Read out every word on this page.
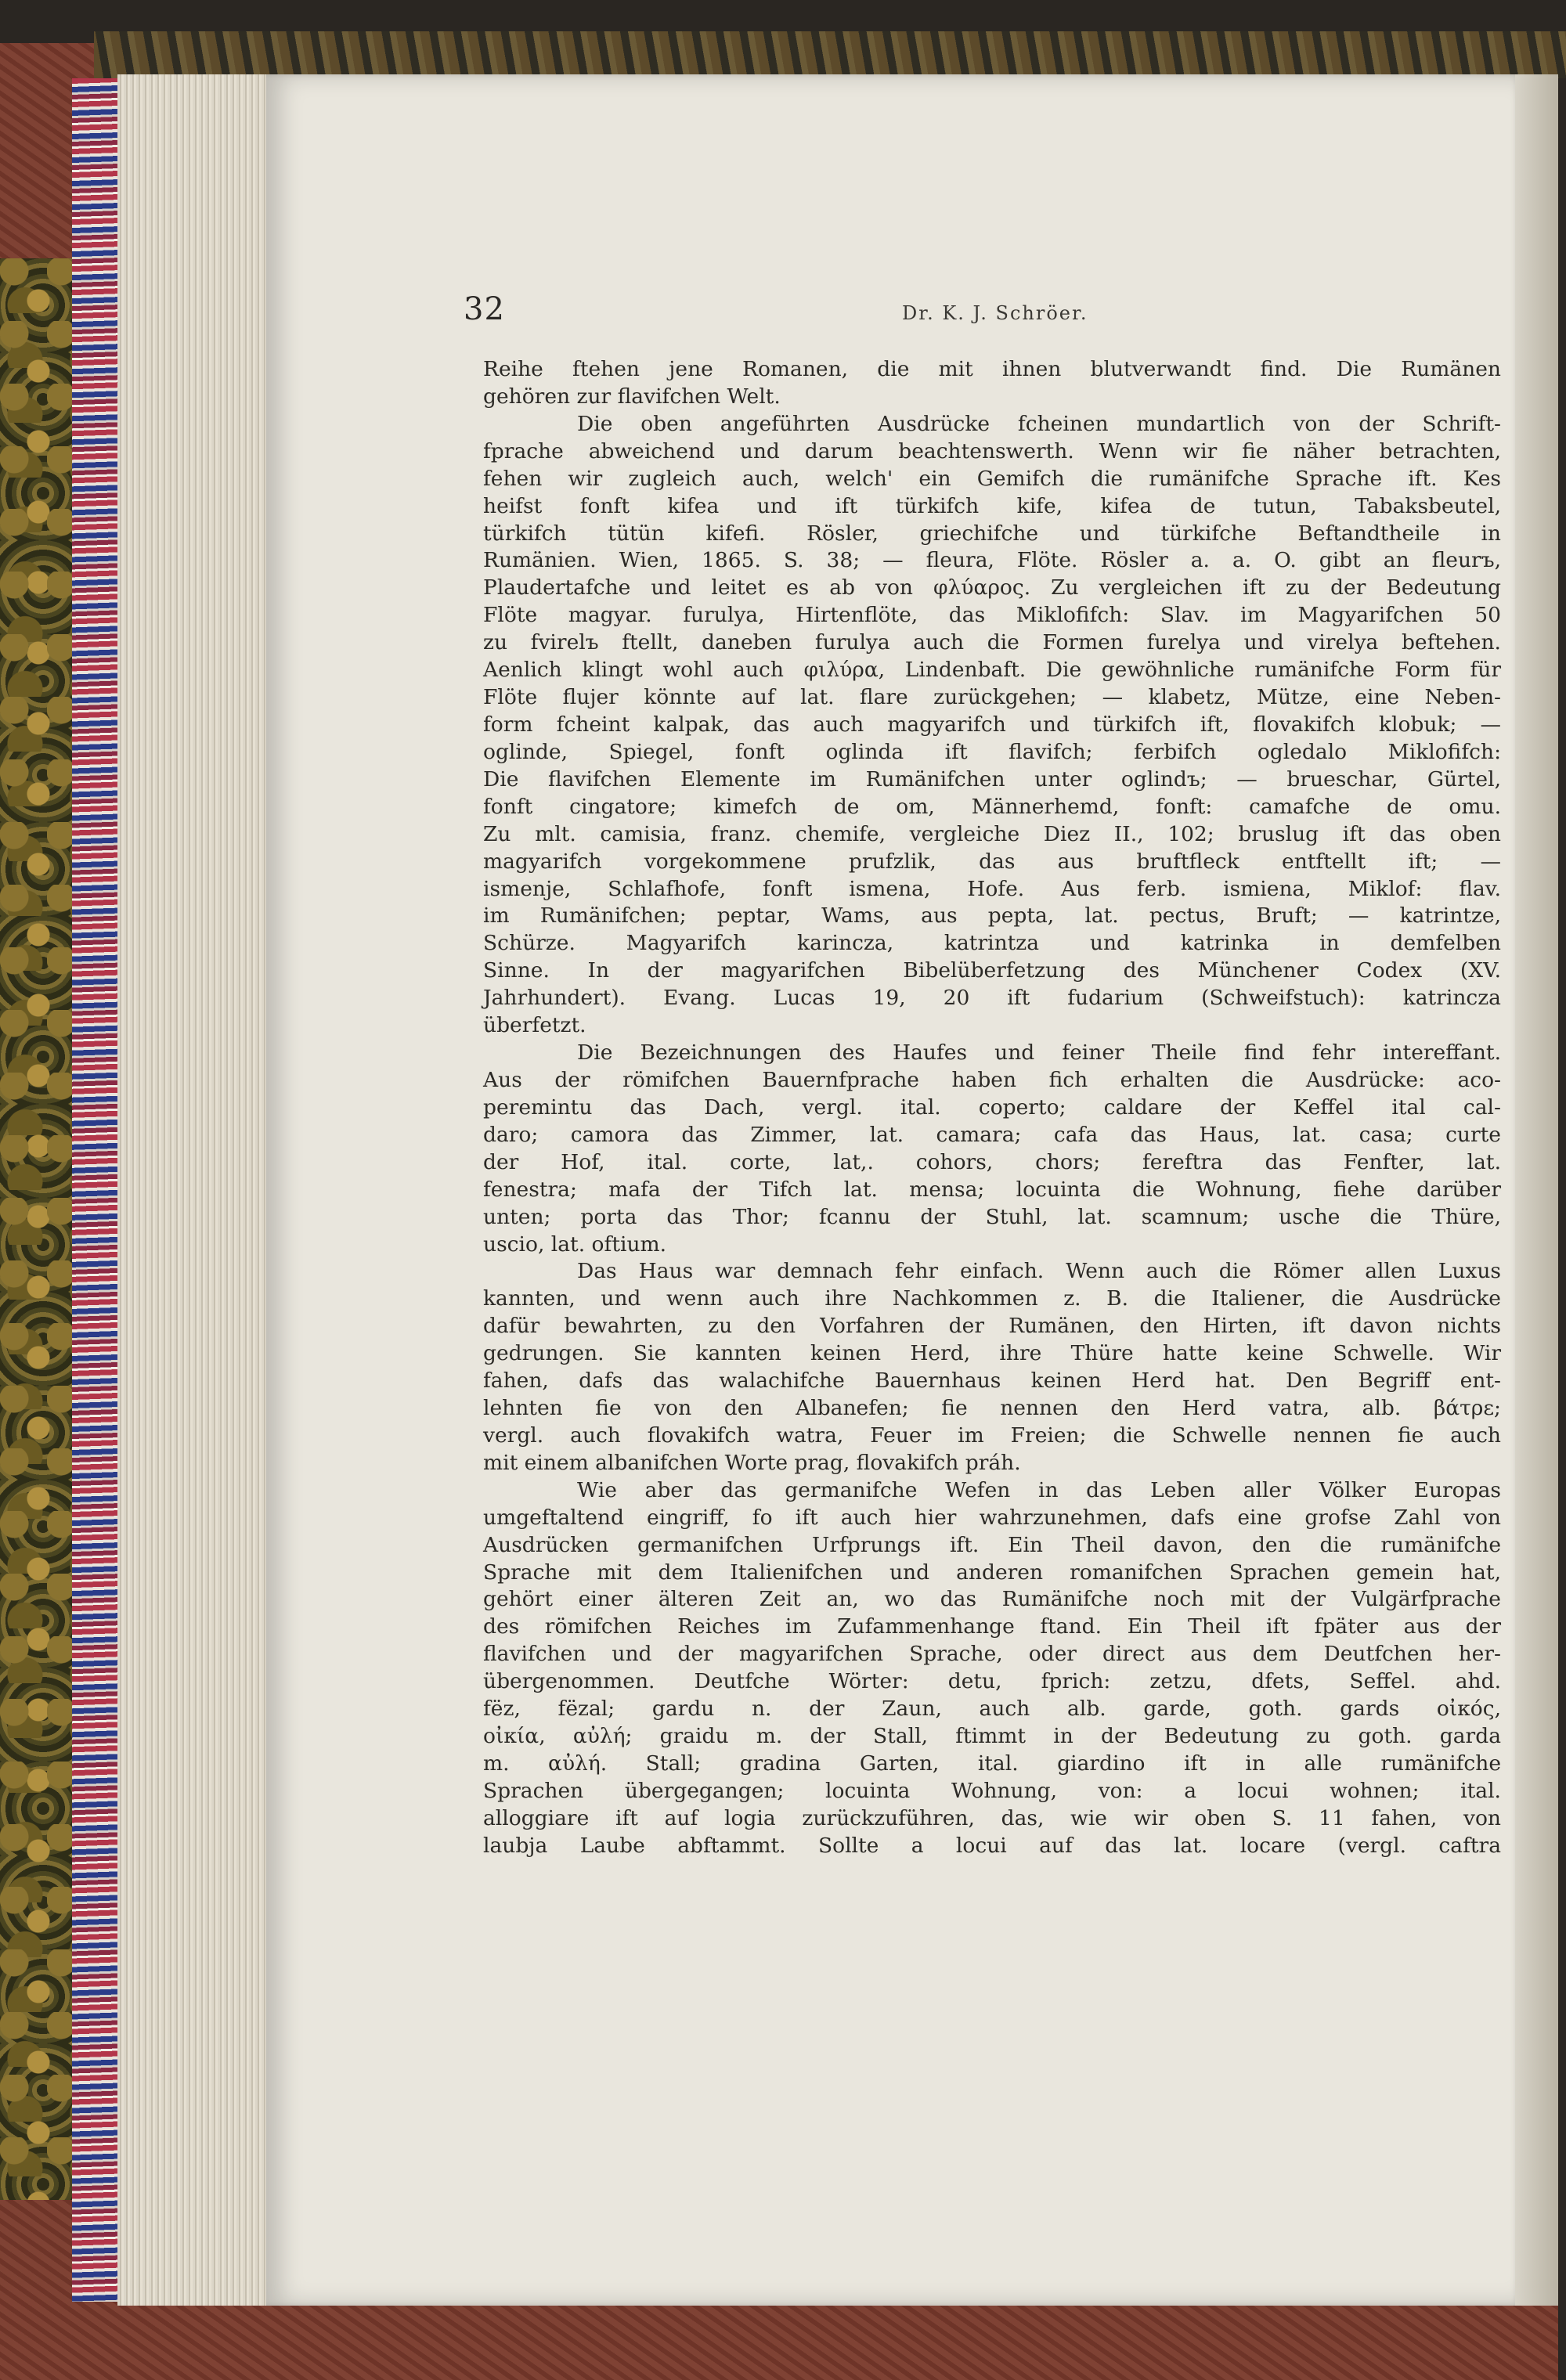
32	Dr. K. J. Schröer.
Reihe ftehen jene Romanen, die mit ihnen blutverwandt find. Die Rumänen
gehören zur flavifchen Welt.
Die oben angeführten Ausdrücke fcheinen mundartlich von der Schrift-
fprache abweichend und darum beachtenswerth. Wenn wir fie näher betrachten,
fehen wir zugleich auch, welch' ein Gemifch die rumänifche Sprache ift. Kes
heifst fonft kifea und ift türkifch kife, kifea de tutun, Tabaksbeutel,
türkifch tütün kifefi. Rösler, griechifche und türkifche Beftandtheile in
Rumänien. Wien, 1865. S. 38; — fleura, Flöte. Rösler a. a. O. gibt an fleurъ,
Plaudertafche und leitet es ab von φλύαρος. Zu vergleichen ift zu der Bedeutung
Flöte magyar. furulya, Hirtenflöte, das Miklofifch: Slav. im Magyarifchen 50
zu fvirelъ ftellt, daneben furulya auch die Formen furelya und virelya beftehen.
Aenlich klingt wohl auch φιλύρα, Lindenbaft. Die gewöhnliche rumänifche Form für
Flöte flujer könnte auf lat. flare zurückgehen; — klabetz, Mütze, eine Neben-
form fcheint kalpak, das auch magyarifch und türkifch ift, flovakifch klobuk; —
oglinde, Spiegel, fonft oglinda ift flavifch; ferbifch ogledalo Miklofifch:
Die flavifchen Elemente im Rumänifchen unter oglindъ; — brueschar, Gürtel,
fonft cingatore; kimefch de om, Männerhemd, fonft: camafche de omu.
Zu mlt. camisia, franz. chemife, vergleiche Diez II., 102; bruslug ift das oben
magyarifch vorgekommene prufzlik, das aus bruftfleck entftellt ift; —
ismenje, Schlafhofe, fonft ismena, Hofe. Aus ferb. ismiena, Miklof: flav.
im Rumänifchen; peptar, Wams, aus pepta, lat. pectus, Bruft; — katrintze,
Schürze. Magyarifch karincza, katrintza und katrinka in demfelben
Sinne. In der magyarifchen Bibelüberfetzung des Münchener Codex (XV.
Jahrhundert). Evang. Lucas 19, 20 ift fudarium (Schweifstuch): katrincza
überfetzt.
Die Bezeichnungen des Haufes und feiner Theile find fehr intereffant.
Aus der römifchen Bauernfprache haben fich erhalten die Ausdrücke: aco-
peremintu das Dach, vergl. ital. coperto; caldare der Keffel ital cal-
daro; camora das Zimmer, lat. camara; cafa das Haus, lat. casa; curte
der Hof, ital. corte, lat,. cohors, chors; fereftra das Fenfter, lat.
fenestra; mafa der Tifch lat. mensa; locuinta die Wohnung, fiehe darüber
unten; porta das Thor; fcannu der Stuhl, lat. scamnum; usche die Thüre,
uscio, lat. oftium.
Das Haus war demnach fehr einfach. Wenn auch die Römer allen Luxus
kannten, und wenn auch ihre Nachkommen z. B. die Italiener, die Ausdrücke
dafür bewahrten, zu den Vorfahren der Rumänen, den Hirten, ift davon nichts
gedrungen. Sie kannten keinen Herd, ihre Thüre hatte keine Schwelle. Wir
fahen, dafs das walachifche Bauernhaus keinen Herd hat. Den Begriff ent-
lehnten fie von den Albanefen; fie nennen den Herd vatra, alb. βάτρε;
vergl. auch flovakifch watra, Feuer im Freien; die Schwelle nennen fie auch
mit einem albanifchen Worte prag, flovakifch práh.
Wie aber das germanifche Wefen in das Leben aller Völker Europas
umgeftaltend eingriff, fo ift auch hier wahrzunehmen, dafs eine grofse Zahl von
Ausdrücken germanifchen Urfprungs ift. Ein Theil davon, den die rumänifche
Sprache mit dem Italienifchen und anderen romanifchen Sprachen gemein hat,
gehört einer älteren Zeit an, wo das Rumänifche noch mit der Vulgärfprache
des römifchen Reiches im Zufammenhange ftand. Ein Theil ift fpäter aus der
flavifchen und der magyarifchen Sprache, oder direct aus dem Deutfchen her-
übergenommen. Deutfche Wörter: detu, fprich: zetzu, dfets, Seffel. ahd.
fëz, fëzal; gardu n. der Zaun, auch alb. garde, goth. gards οἰκός,
οἰκία, αὐλή; graidu m. der Stall, ftimmt in der Bedeutung zu goth. garda
m. αὐλή. Stall; gradina Garten, ital. giardino ift in alle rumänifche
Sprachen übergegangen; locuinta Wohnung, von: a locui wohnen; ital.
alloggiare ift auf logia zurückzuführen, das, wie wir oben S. 11 fahen, von
laubja Laube abftammt. Sollte a locui auf das lat. locare (vergl. caftra
